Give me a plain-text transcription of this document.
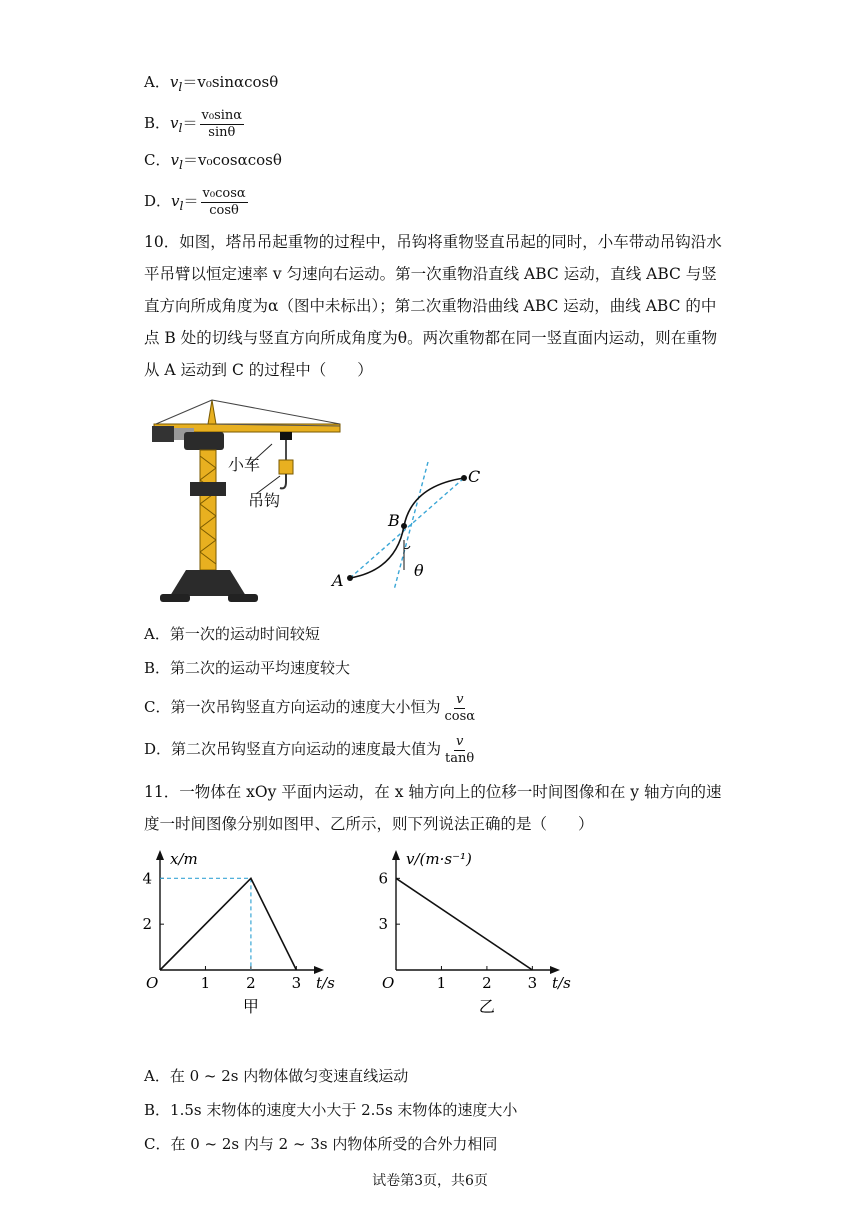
A．$v_l=v_0\sin\alpha\cos\theta$
B．$v_l= \frac{\text{v₀sinα}}{\sin\theta}$
C．$v_l=v_0\cos\alpha\cos\theta$
D．$v_l= \frac{\text{v₀cosα}}{\cos\theta}$
10．如图，塔吊吊起重物的过程中，吊钩将重物竖直吊起的同时，小车带动吊钩沿水平吊臂以恒定速率 v 匀速向右运动。第一次重物沿直线 ABC 运动，直线 ABC 与竖直方向所成角度为α（图中未标出）；第二次重物沿曲线 ABC 运动，曲线 ABC 的中点 B 处的切线与竖直方向所成角度为θ。两次重物都在同一竖直面内运动，则在重物从 A 运动到 C 的过程中（　　）
小车
吊钩
A
B
C
θ
A．第一次的运动时间较短
B．第二次的运动平均速度较大
C．第一次吊钩竖直方向运动的速度大小恒为 $\frac{v}{\cos\alpha}$
D．第二次吊钩竖直方向运动的速度最大值为 $\frac{v}{\tan\theta}$
11．一物体在 xOy 平面内运动，在 x 轴方向上的位移一时间图像和在 y 轴方向的速度一时间图像分别如图甲、乙所示，则下列说法正确的是（　　）
1 2 3
2
4
O	t/s
x/m
甲
1 2 3
3
6
O	t/s
v/(m·s⁻¹)
乙
A．在 0 ~ 2s 内物体做匀变速直线运动
B．1.5s 末物体的速度大小大于 2.5s 末物体的速度大小
C．在 0 ~ 2s 内与 2 ~ 3s 内物体所受的合外力相同
试卷第3页，共6页
